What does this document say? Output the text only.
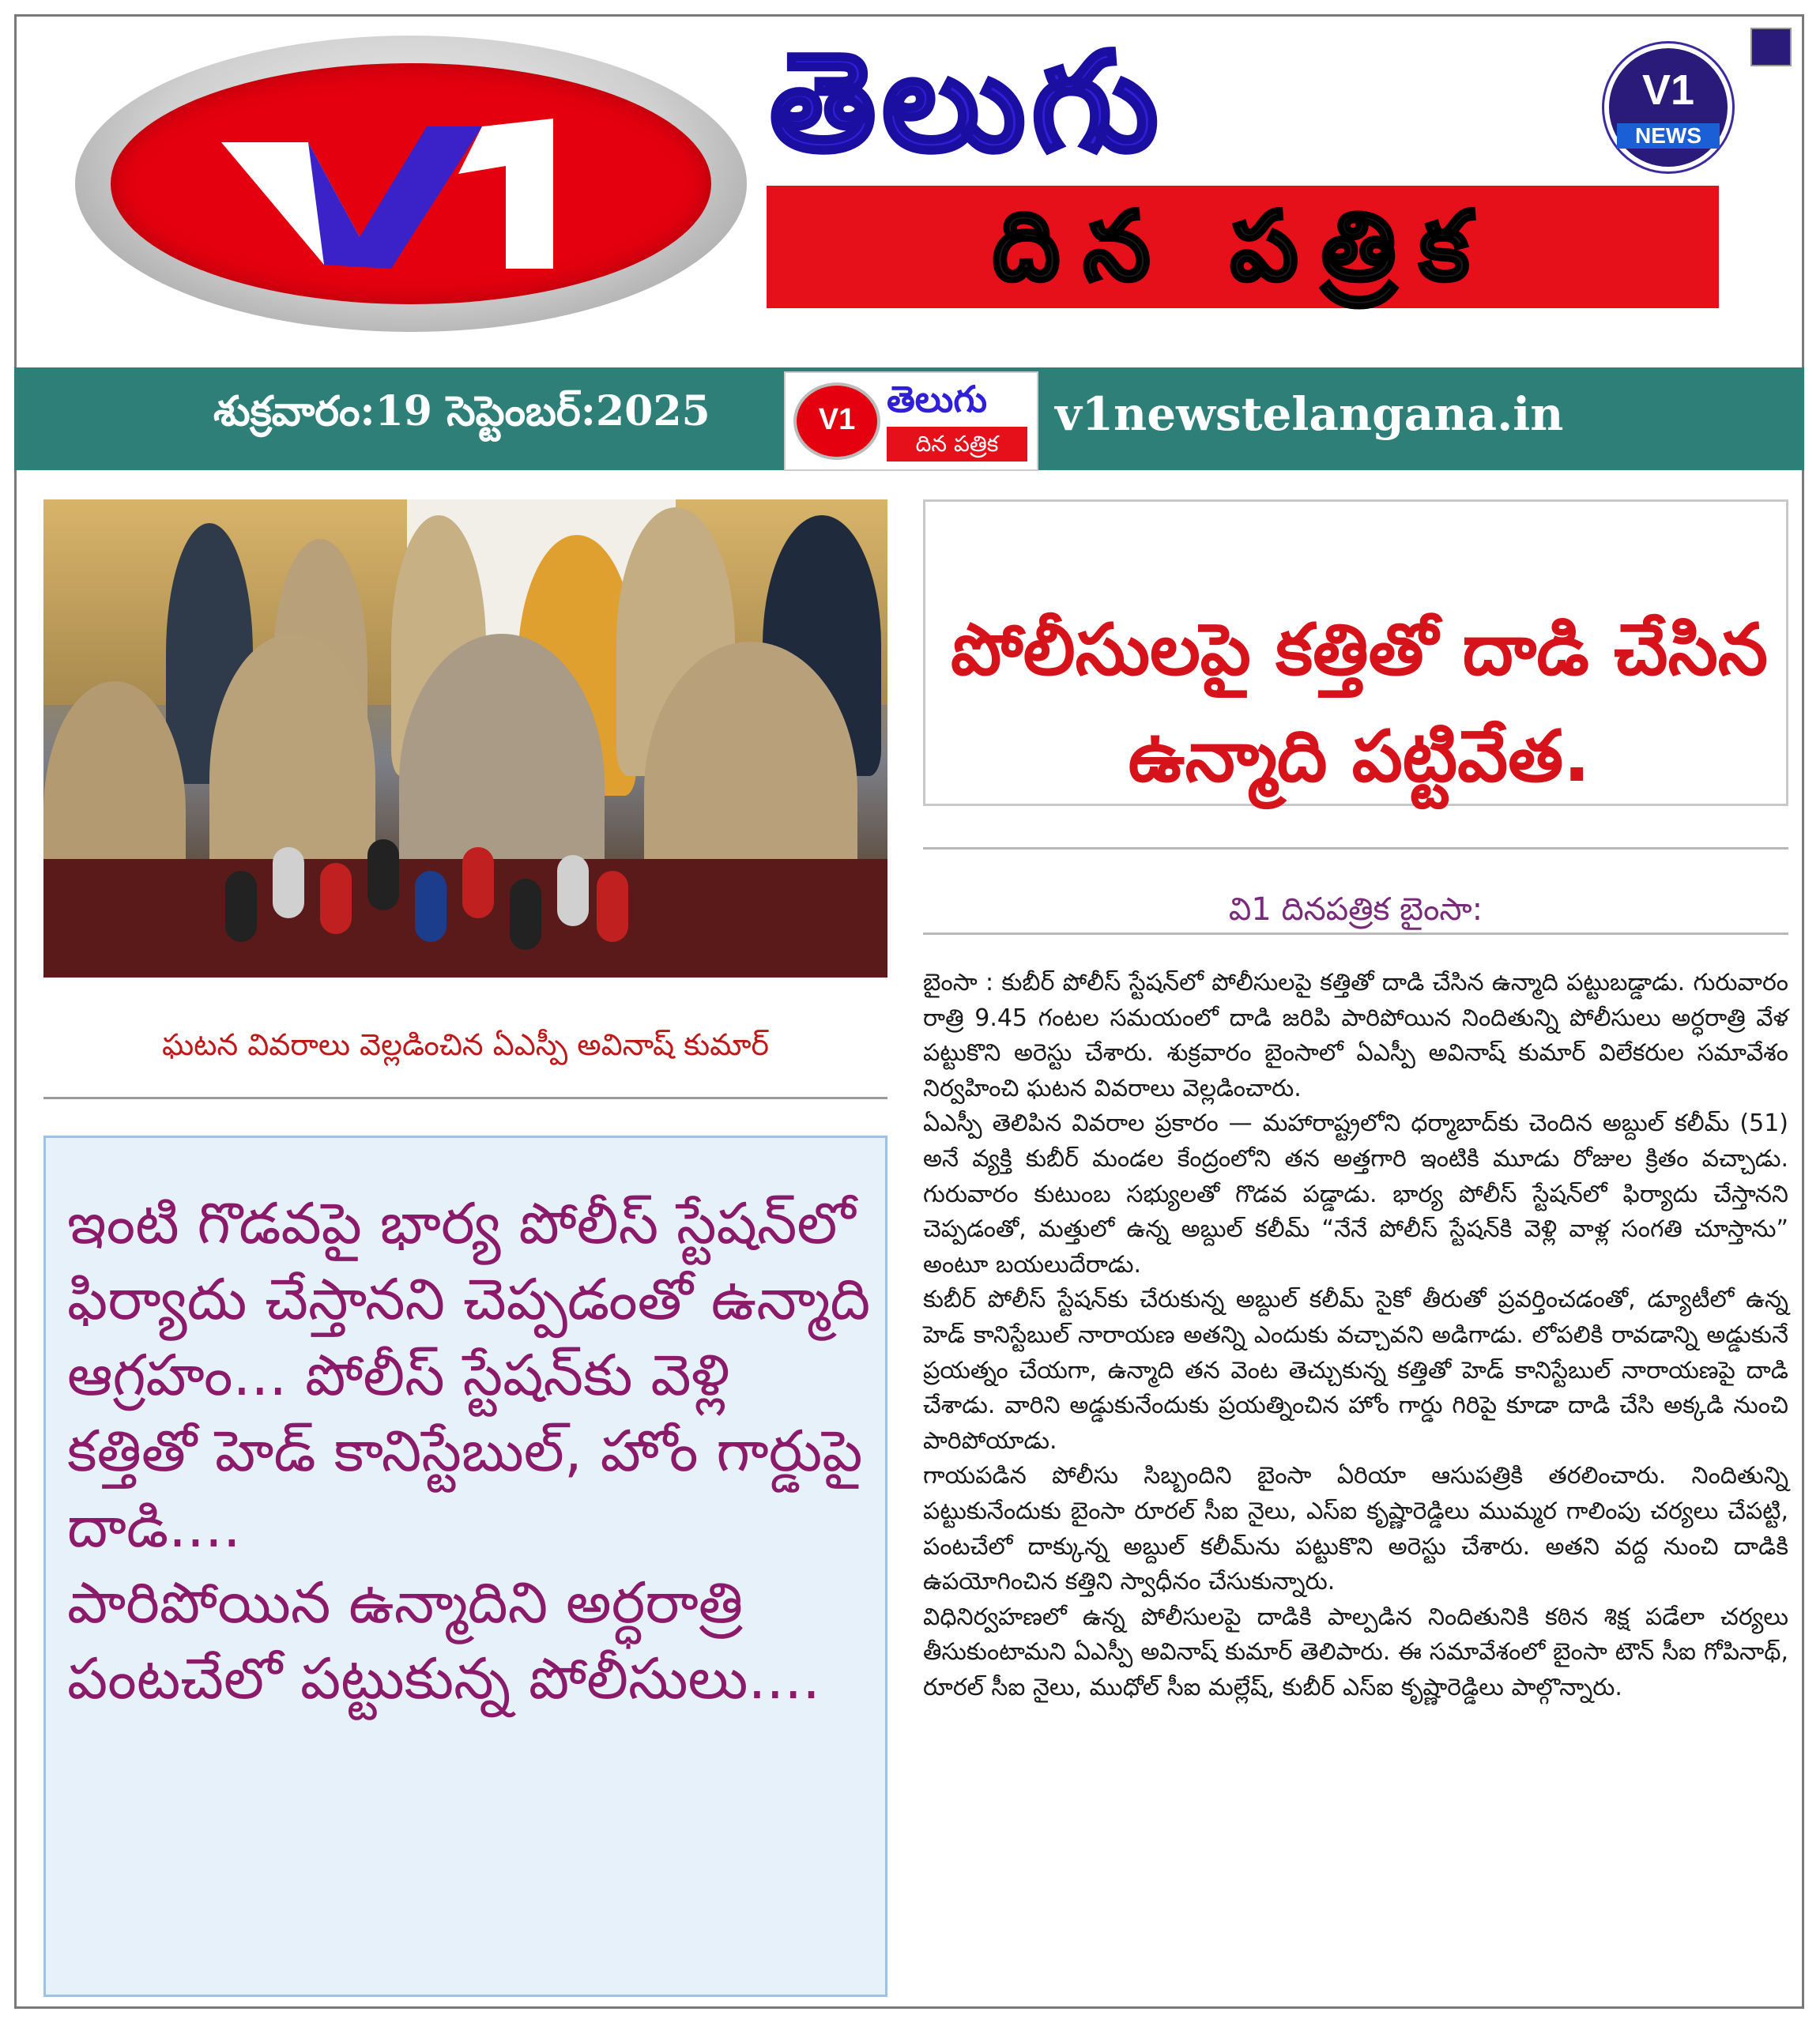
తెలుగు
దిన పత్రిక
V1
NEWS
శుక్రవారం:19 సెప్టెంబర్:2025	V1 తెలుగు
దిన పత్రిక
v1newstelangana.in
ఘటన వివరాలు వెల్లడించిన ఏఎస్పీ అవినాష్ కుమార్
ఇంటి గొడవపై భార్య పోలీస్ స్టేషన్‌లో ఫిర్యాదు చేస్తానని చెప్పడంతో ఉన్మాది ఆగ్రహం... పోలీస్ స్టేషన్‌కు వెళ్లి కత్తితో హెడ్ కానిస్టేబుల్, హోం గార్డుపై దాడి....
పారిపోయిన ఉన్మాదిని అర్ధరాత్రి పంటచేలో పట్టుకున్న పోలీసులు....
పోలీసులపై కత్తితో దాడి చేసిన ఉన్మాది పట్టివేత.
వి1 దినపత్రిక బైంసా:

బైంసా : కుబీర్ పోలీస్ స్టేషన్‌లో పోలీసులపై కత్తితో దాడి చేసిన ఉన్మాది పట్టుబడ్డాడు. గురువారం రాత్రి 9.45 గంటల సమయంలో దాడి జరిపి పారిపోయిన నిందితున్ని పోలీసులు అర్ధరాత్రి వేళ పట్టుకొని అరెస్టు చేశారు. శుక్రవారం బైంసాలో ఏఎస్పీ అవినాష్ కుమార్ విలేకరుల సమావేశం నిర్వహించి ఘటన వివరాలు వెల్లడించారు.

ఏఎస్పీ తెలిపిన వివరాల ప్రకారం — మహారాష్ట్రలోని ధర్మాబాద్‌కు చెందిన అబ్దుల్ కలీమ్ (51) అనే వ్యక్తి కుబీర్ మండల కేంద్రంలోని తన అత్తగారి ఇంటికి మూడు రోజుల క్రితం వచ్చాడు. గురువారం కుటుంబ సభ్యులతో గొడవ పడ్డాడు. భార్య పోలీస్ స్టేషన్‌లో ఫిర్యాదు చేస్తానని చెప్పడంతో, మత్తులో ఉన్న అబ్దుల్ కలీమ్ “నేనే పోలీస్ స్టేషన్‌కి వెళ్లి వాళ్ల సంగతి చూస్తాను” అంటూ బయలుదేరాడు.

కుబీర్ పోలీస్ స్టేషన్‌కు చేరుకున్న అబ్దుల్ కలీమ్ సైకో తీరుతో ప్రవర్తించడంతో, డ్యూటీలో ఉన్న హెడ్ కానిస్టేబుల్ నారాయణ అతన్ని ఎందుకు వచ్చావని అడిగాడు. లోపలికి రావడాన్ని అడ్డుకునే ప్రయత్నం చేయగా, ఉన్మాది తన వెంట తెచ్చుకున్న కత్తితో హెడ్ కానిస్టేబుల్ నారాయణపై దాడి చేశాడు. వారిని అడ్డుకునేందుకు ప్రయత్నించిన హోం గార్డు గిరిపై కూడా దాడి చేసి అక్కడి నుంచి పారిపోయాడు.

గాయపడిన పోలీసు సిబ్బందిని బైంసా ఏరియా ఆసుపత్రికి తరలించారు. నిందితున్ని పట్టుకునేందుకు బైంసా రూరల్ సీఐ నైలు, ఎస్ఐ కృష్ణారెడ్డిలు ముమ్మర గాలింపు చర్యలు చేపట్టి, పంటచేలో దాక్కున్న అబ్దుల్ కలీమ్‌ను పట్టుకొని అరెస్టు చేశారు. అతని వద్ద నుంచి దాడికి ఉపయోగించిన కత్తిని స్వాధీనం చేసుకున్నారు.

విధినిర్వహణలో ఉన్న పోలీసులపై దాడికి పాల్పడిన నిందితునికి కఠిన శిక్ష పడేలా చర్యలు తీసుకుంటామని ఏఎస్పీ అవినాష్ కుమార్ తెలిపారు. ఈ సమావేశంలో బైంసా టౌన్ సీఐ గోపినాథ్, రూరల్ సీఐ నైలు, ముధోల్ సీఐ మల్లేష్, కుబీర్ ఎస్ఐ కృష్ణారెడ్డిలు పాల్గొన్నారు.
